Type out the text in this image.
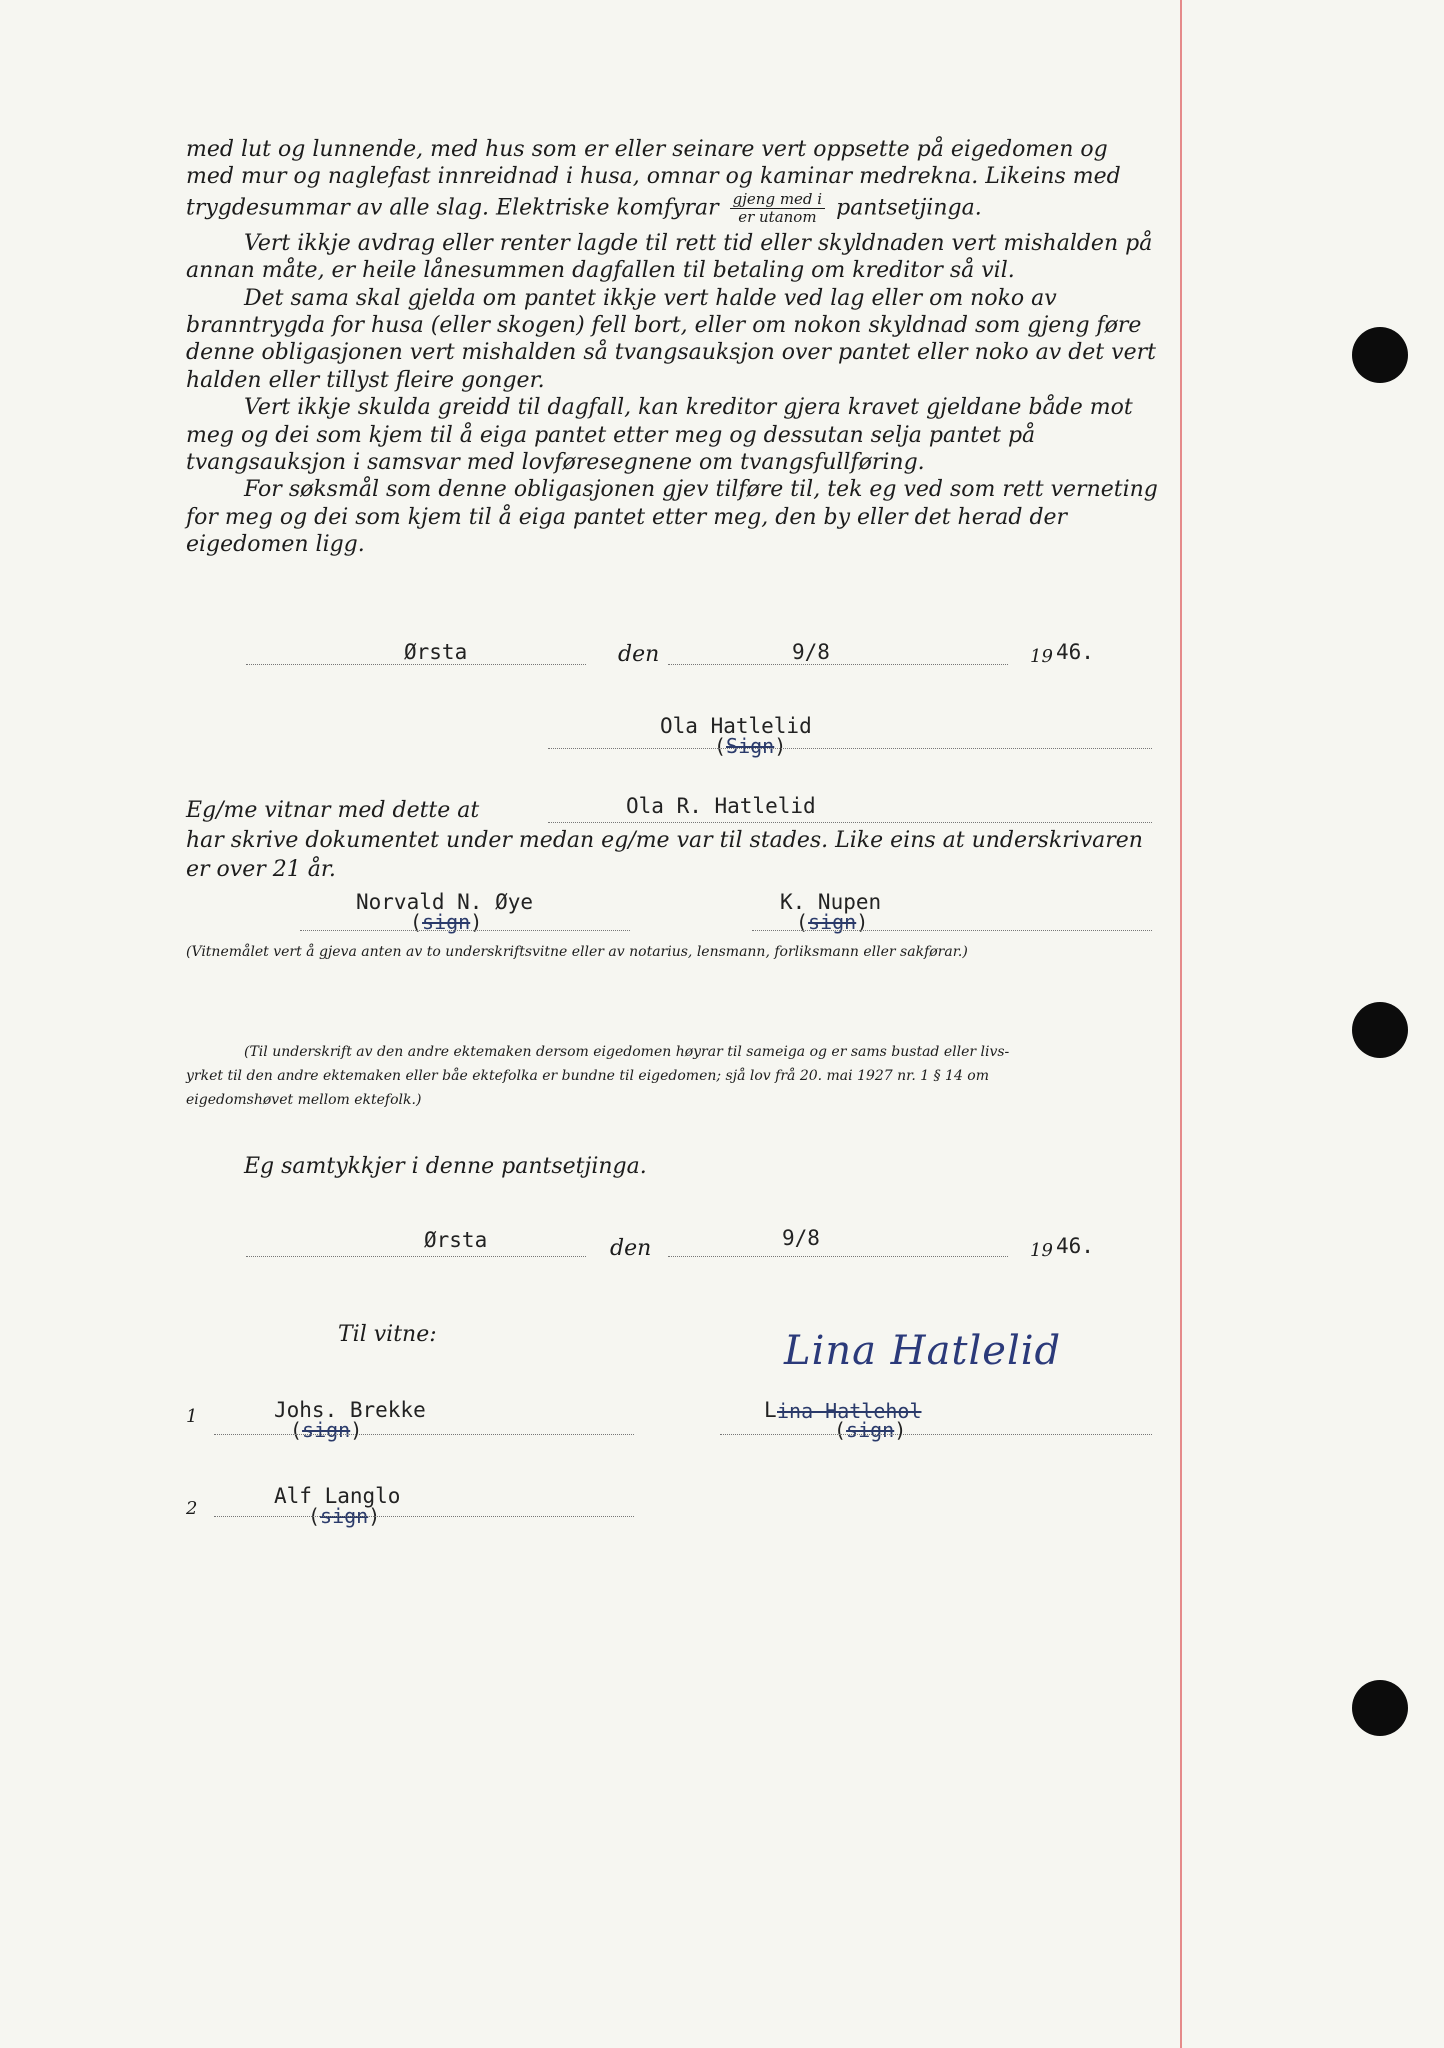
med lut og lunnende, med hus som er eller seinare vert oppsette på eigedomen og med mur og naglefast innreidnad i husa, omnar og kaminar medrekna. Likeins med trygdesummar av alle slag. Elektriske komfyrar $\frac{\text{gjeng med i}}{\text{er utanom}}$ pantsetjinga.

Vert ikkje avdrag eller renter lagde til rett tid eller skyldnaden vert mishalden på annan måte, er heile lånesummen dagfallen til betaling om kreditor så vil.

Det sama skal gjelda om pantet ikkje vert halde ved lag eller om noko av branntrygda for husa (eller skogen) fell bort, eller om nokon skyldnad som gjeng føre denne obligasjonen vert mishalden så tvangsauksjon over pantet eller noko av det vert halden eller tillyst fleire gonger.

Vert ikkje skulda greidd til dagfall, kan kreditor gjera kravet gjeldane både mot meg og dei som kjem til å eiga pantet etter meg og dessutan selja pantet på tvangsauksjon i samsvar med lovføresegnene om tvangsfullføring.

For søksmål som denne obligasjonen gjev tilføre til, tek eg ved som rett verneting for meg og dei som kjem til å eiga pantet etter meg, den by eller det herad der eigedomen ligg.

Ørsta	den	9/8	19 46.
Ola Hatlelid
(Sign)
Eg/me vitnar med dette at	Ola R. Hatlelid
har skrive dokumentet under medan eg/me var til stades. Like eins at underskrivaren er over 21 år.
Norvald N. Øye
(sign)
K. Nupen
(sign)
(Vitnemålet vert å gjeva anten av to underskriftsvitne eller av notarius, lensmann, forliksmann eller sakførar.)
(Til underskrift av den andre ektemaken dersom eigedomen høyrar til sameiga og er sams bustad eller livs-
yrket til den andre ektemaken eller båe ektefolka er bundne til eigedomen; sjå lov frå 20. mai 1927 nr. 1 § 14 om
eigedomshøvet mellom ektefolk.)
Eg samtykkjer i denne pantsetjinga.
Ørsta	den	9/8
19 46.
Til vitne:	Lina Hatlelid
1	Johs. Brekke
(sign)
L ina Hatlehol
(sign)
2
Alf Langlo
(sign)
